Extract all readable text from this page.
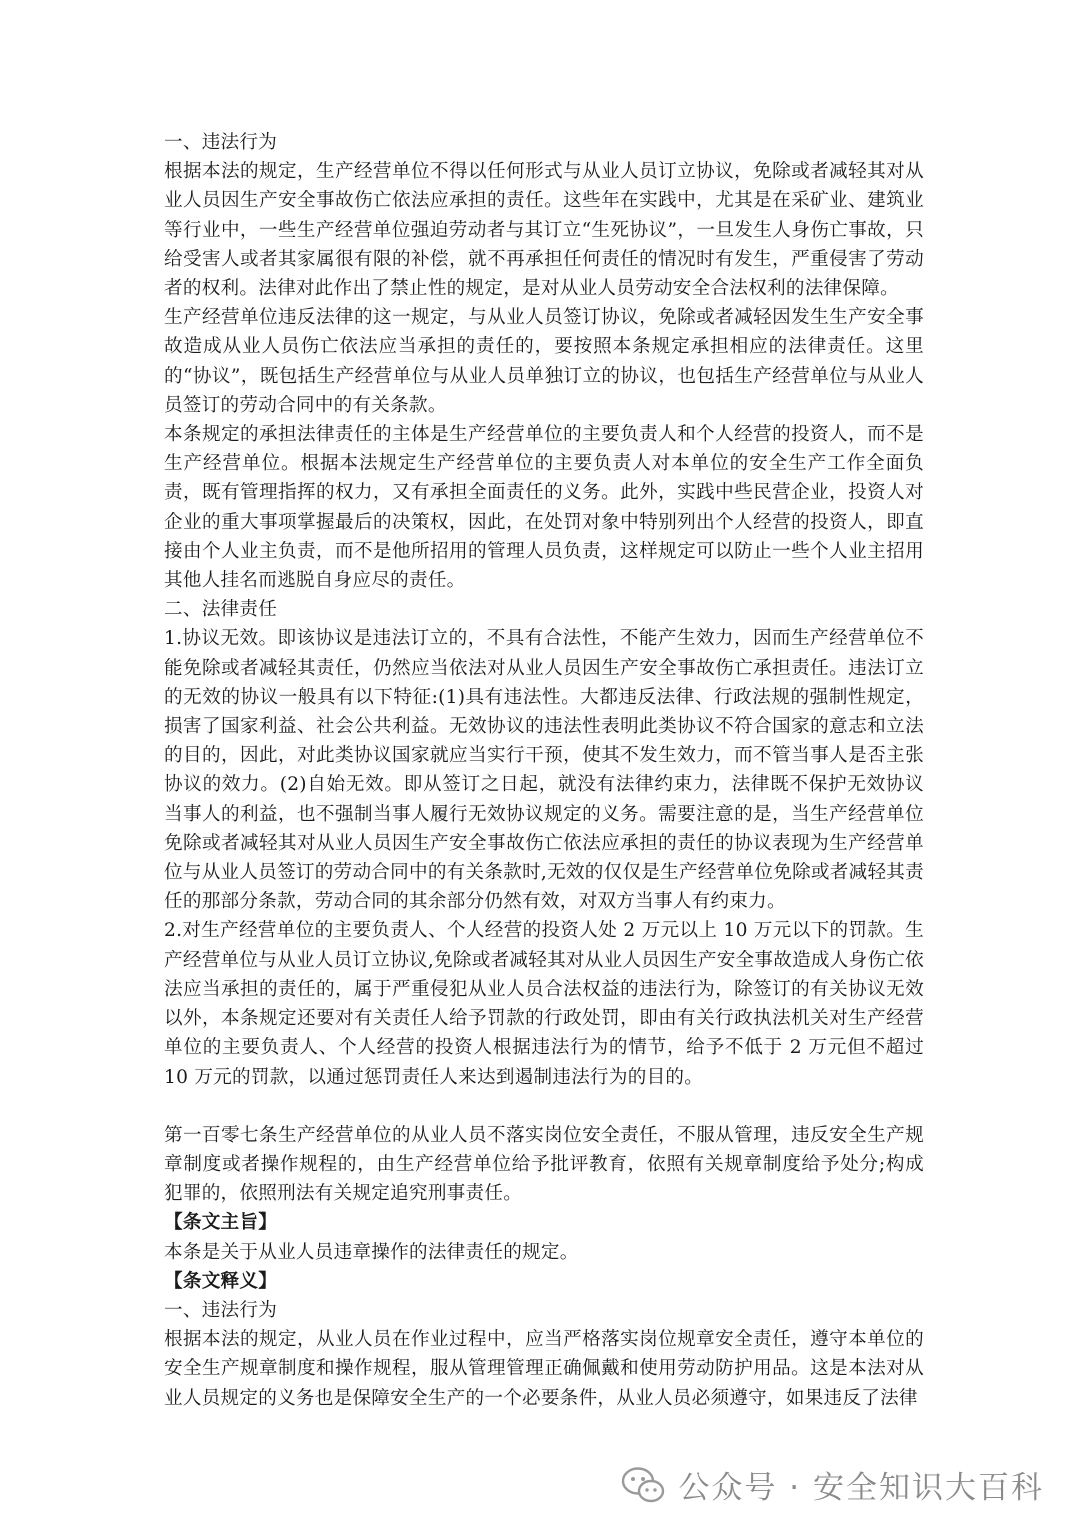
一、违法行为

根据本法的规定，生产经营单位不得以任何形式与从业人员订立协议，免除或者减轻其对从业人员因生产安全事故伤亡依法应承担的责任。这些年在实践中，尤其是在采矿业、建筑业等行业中，一些生产经营单位强迫劳动者与其订立“生死协议”，一旦发生人身伤亡事故，只给受害人或者其家属很有限的补偿，就不再承担任何责任的情况时有发生，严重侵害了劳动者的权利。法律对此作出了禁止性的规定，是对从业人员劳动安全合法权利的法律保障。

生产经营单位违反法律的这一规定，与从业人员签订协议，免除或者减轻因发生生产安全事故造成从业人员伤亡依法应当承担的责任的，要按照本条规定承担相应的法律责任。这里的“协议”，既包括生产经营单位与从业人员单独订立的协议，也包括生产经营单位与从业人员签订的劳动合同中的有关条款。

本条规定的承担法律责任的主体是生产经营单位的主要负责人和个人经营的投资人，而不是生产经营单位。根据本法规定生产经营单位的主要负责人对本单位的安全生产工作全面负责，既有管理指挥的权力，又有承担全面责任的义务。此外，实践中些民营企业，投资人对企业的重大事项掌握最后的决策权，因此，在处罚对象中特别列出个人经营的投资人，即直接由个人业主负责，而不是他所招用的管理人员负责，这样规定可以防止一些个人业主招用其他人挂名而逃脱自身应尽的责任。

二、法律责任

1.协议无效。即该协议是违法订立的，不具有合法性，不能产生效力，因而生产经营单位不能免除或者减轻其责任，仍然应当依法对从业人员因生产安全事故伤亡承担责任。违法订立的无效的协议一般具有以下特征:(1)具有违法性。大都违反法律、行政法规的强制性规定，损害了国家利益、社会公共利益。无效协议的违法性表明此类协议不符合国家的意志和立法的目的，因此，对此类协议国家就应当实行干预，使其不发生效力，而不管当事人是否主张协议的效力。(2)自始无效。即从签订之日起，就没有法律约束力，法律既不保护无效协议当事人的利益，也不强制当事人履行无效协议规定的义务。需要注意的是，当生产经营单位免除或者减轻其对从业人员因生产安全事故伤亡依法应承担的责任的协议表现为生产经营单位与从业人员签订的劳动合同中的有关条款时,无效的仅仅是生产经营单位免除或者减轻其责任的那部分条款，劳动合同的其余部分仍然有效，对双方当事人有约束力。

2.对生产经营单位的主要负责人、个人经营的投资人处 2 万元以上 10 万元以下的罚款。生产经营单位与从业人员订立协议,免除或者减轻其对从业人员因生产安全事故造成人身伤亡依法应当承担的责任的，属于严重侵犯从业人员合法权益的违法行为，除签订的有关协议无效以外，本条规定还要对有关责任人给予罚款的行政处罚，即由有关行政执法机关对生产经营单位的主要负责人、个人经营的投资人根据违法行为的情节，给予不低于 2 万元但不超过 10 万元的罚款，以通过惩罚责任人来达到遏制违法行为的目的。

第一百零七条生产经营单位的从业人员不落实岗位安全责任，不服从管理，违反安全生产规章制度或者操作规程的，由生产经营单位给予批评教育，依照有关规章制度给予处分;构成犯罪的，依照刑法有关规定追究刑事责任。

【条文主旨】

本条是关于从业人员违章操作的法律责任的规定。

【条文释义】

一、违法行为

根据本法的规定，从业人员在作业过程中，应当严格落实岗位规章安全责任，遵守本单位的安全生产规章制度和操作规程，服从管理管理正确佩戴和使用劳动防护用品。这是本法对从业人员规定的义务也是保障安全生产的一个必要条件，从业人员必须遵守，如果违反了法律

公众号 · 安全知识大百科
